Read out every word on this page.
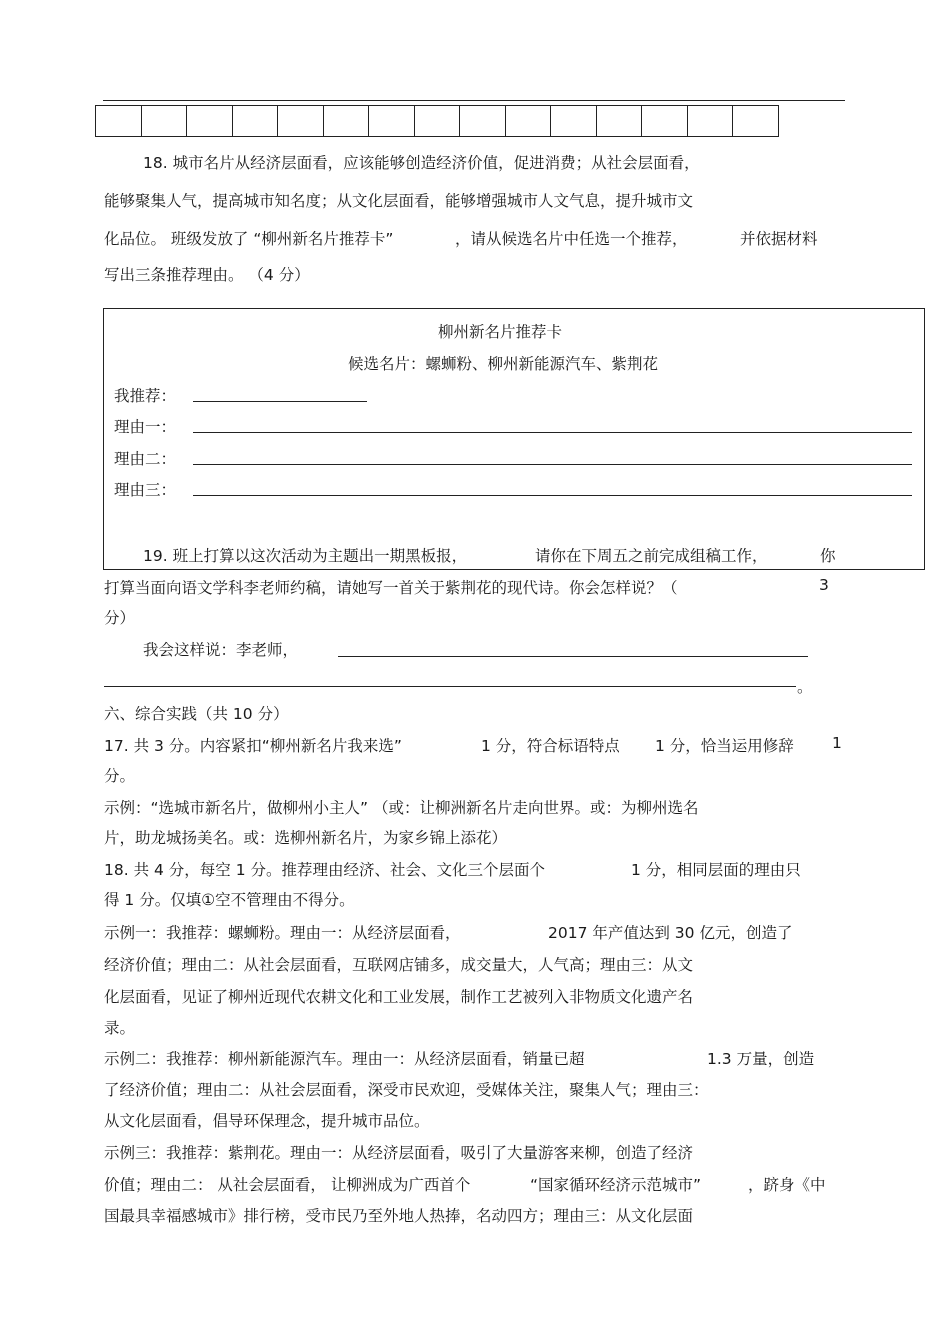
18. 城市名片从经济层面看，应该能够创造经济价值，促进消费；从社会层面看，
能够聚集人气，提高城市知名度；从文化层面看，能够增强城市人文气息，提升城市文
化品位。 班级发放了 “柳州新名片推荐卡”	，请从候选名片中任选一个推荐，	并依据材料
写出三条推荐理由。 （4 分）
柳州新名片推荐卡
候选名片：螺蛳粉、柳州新能源汽车、紫荆花
我推荐：
理由一：
理由二：
理由三：
19. 班上打算以这次活动为主题出一期黑板报，	请你在下周五之前完成组稿工作，	你
打算当面向语文学科李老师约稿，请她写一首关于紫荆花的现代诗。你会怎样说？（	3
分）
我会这样说：李老师，
。
六、综合实践（共 10 分）
17. 共 3 分。内容紧扣“柳州新名片我来选”	1 分，符合标语特点 1 分，恰当运用修辞 1
分。
示例：“选城市新名片，做柳州小主人” （或：让柳洲新名片走向世界。或：为柳州选名
片，助龙城扬美名。或：选柳州新名片，为家乡锦上添花）
18. 共 4 分，每空 1 分。推荐理由经济、社会、文化三个层面个	1 分，相同层面的理由只
得 1 分。仅填①空不管理由不得分。
示例一：我推荐：螺蛳粉。理由一：从经济层面看，	2017 年产值达到 30 亿元，创造了
经济价值；理由二：从社会层面看，互联网店铺多，成交量大，人气高；理由三：从文
化层面看，见证了柳州近现代农耕文化和工业发展，制作工艺被列入非物质文化遗产名
录。
示例二：我推荐：柳州新能源汽车。理由一：从经济层面看，销量已超	1.3 万量，创造
了经济价值；理由二：从社会层面看，深受市民欢迎，受媒体关注，聚集人气；理由三：
从文化层面看，倡导环保理念，提升城市品位。
示例三：我推荐：紫荆花。理由一：从经济层面看，吸引了大量游客来柳，创造了经济
价值；理由二： 从社会层面看， 让柳洲成为广西首个	“国家循环经济示范城市”	，跻身《中
国最具幸福感城市》排行榜，受市民乃至外地人热捧，名动四方；理由三：从文化层面
